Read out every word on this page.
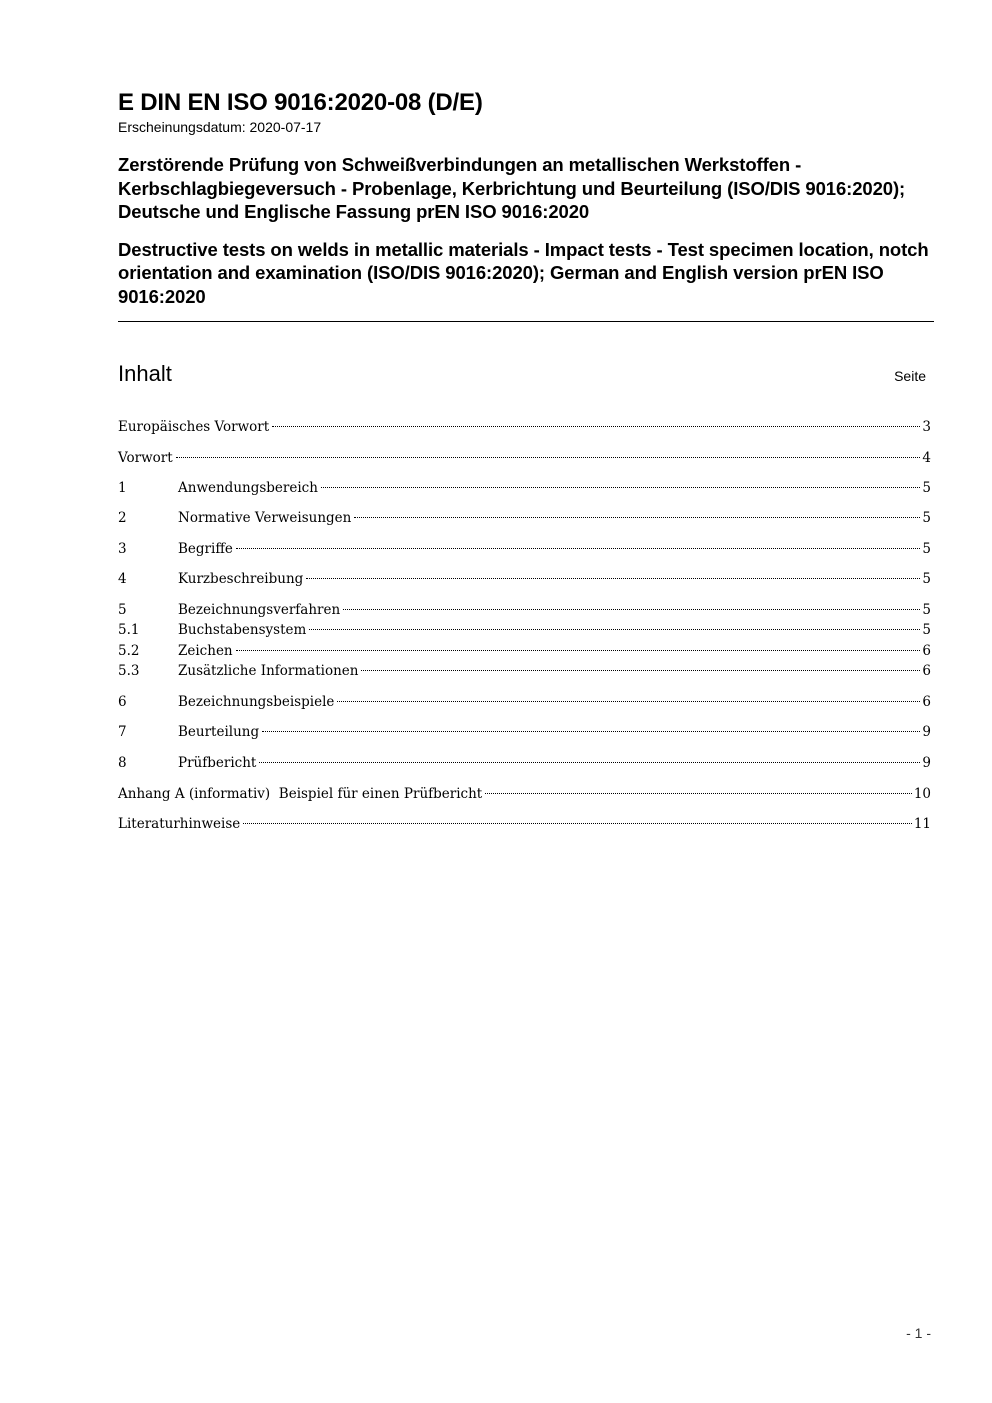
E DIN EN ISO 9016:2020-08 (D/E)
Erscheinungsdatum: 2020-07-17
Zerstörende Prüfung von Schweißverbindungen an metallischen Werkstoffen - Kerbschlagbiegeversuch - Probenlage, Kerbrichtung und Beurteilung (ISO/DIS 9016:2020); Deutsche und Englische Fassung prEN ISO 9016:2020
Destructive tests on welds in metallic materials - Impact tests - Test specimen location, notch orientation and examination (ISO/DIS 9016:2020); German and English version prEN ISO 9016:2020
Inhalt	Seite
Europäisches Vorwort	3
Vorwort	4
1	Anwendungsbereich	5
2	Normative Verweisungen	5
3	Begriffe	5
4	Kurzbeschreibung	5
5	Bezeichnungsverfahren	5
5.1	Buchstabensystem	5
5.2	Zeichen	6
5.3	Zusätzliche Informationen	6
6	Bezeichnungsbeispiele	6
7	Beurteilung	9
8	Prüfbericht	9
Anhang A (informativ)  Beispiel für einen Prüfbericht	10
Literaturhinweise	11
- 1 -
